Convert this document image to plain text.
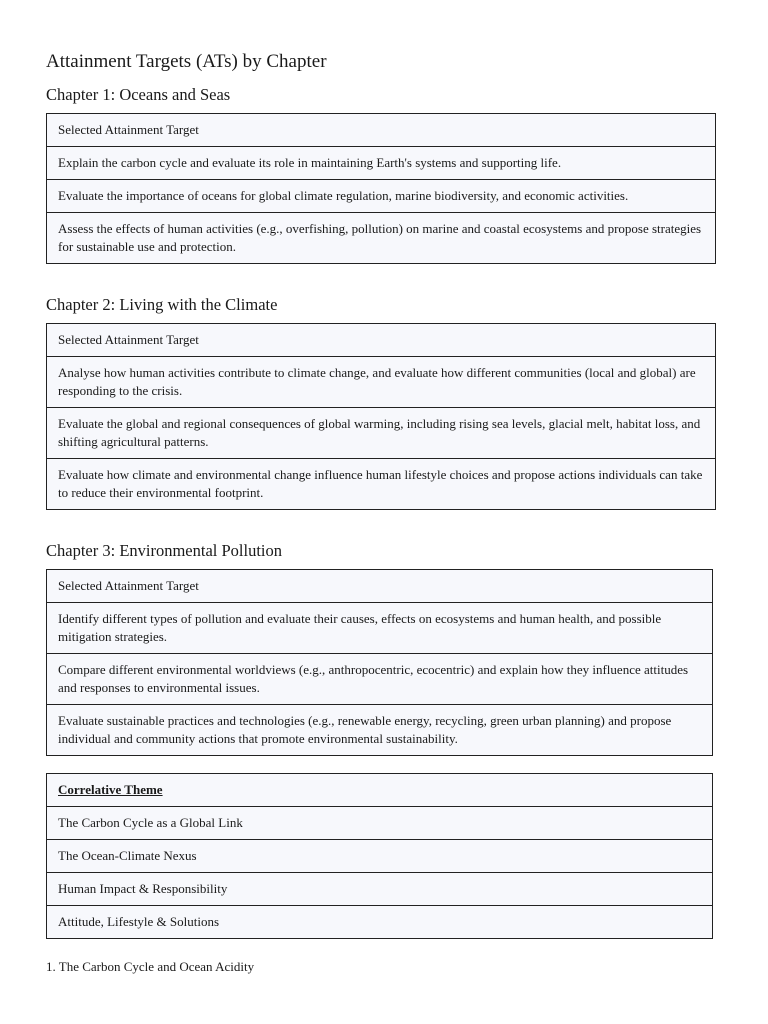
Attainment Targets (ATs) by Chapter
Chapter 1: Oceans and Seas
Selected Attainment Target
Explain the carbon cycle and evaluate its role in maintaining Earth's systems and supporting life.
Evaluate the importance of oceans for global climate regulation, marine biodiversity, and economic activities.
Assess the effects of human activities (e.g., overfishing, pollution) on marine and coastal ecosystems and propose strategies for sustainable use and protection.
Chapter 2: Living with the Climate
Selected Attainment Target
Analyse how human activities contribute to climate change, and evaluate how different communities (local and global) are responding to the crisis.
Evaluate the global and regional consequences of global warming, including rising sea levels, glacial melt, habitat loss, and shifting agricultural patterns.
Evaluate how climate and environmental change influence human lifestyle choices and propose actions individuals can take to reduce their environmental footprint.
Chapter 3: Environmental Pollution
Selected Attainment Target
Identify different types of pollution and evaluate their causes, effects on ecosystems and human health, and possible mitigation strategies.
Compare different environmental worldviews (e.g., anthropocentric, ecocentric) and explain how they influence attitudes and responses to environmental issues.
Evaluate sustainable practices and technologies (e.g., renewable energy, recycling, green urban planning) and propose individual and community actions that promote environmental sustainability.
Correlative Theme
The Carbon Cycle as a Global Link
The Ocean-Climate Nexus
Human Impact & Responsibility
Attitude, Lifestyle & Solutions
1. The Carbon Cycle and Ocean Acidity
